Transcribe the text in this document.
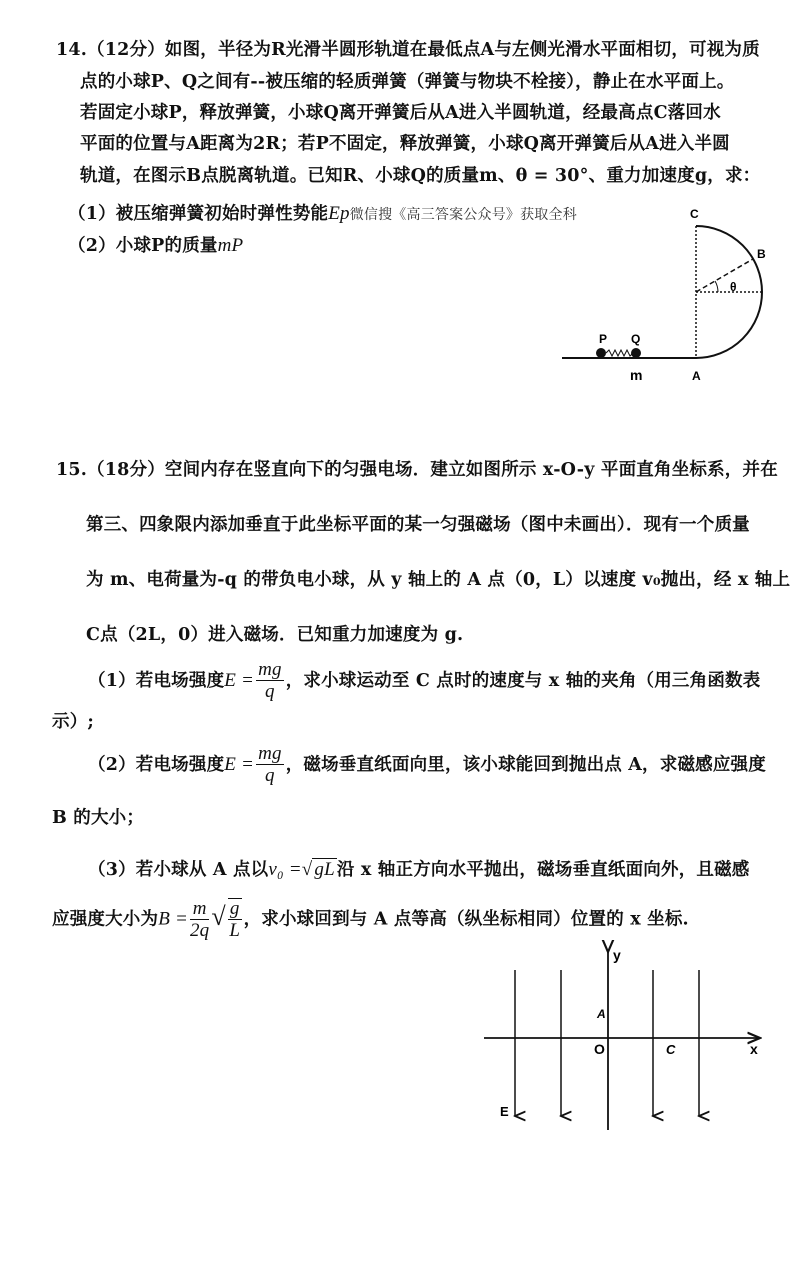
14.（12分）如图，半径为R光滑半圆形轨道在最低点A与左侧光滑水平面相切，可视为质
点的小球P、Q之间有--被压缩的轻质弹簧（弹簧与物块不栓接），静止在水平面上。
若固定小球P，释放弹簧，小球Q离开弹簧后从A进入半圆轨道，经最高点C落回水
平面的位置与A距离为2R；若P不固定，释放弹簧，小球Q离开弹簧后从A进入半圆
轨道，在图示B点脱离轨道。已知R、小球Q的质量m、θ = 30°、重力加速度g，求：
（1）被压缩弹簧初始时弹性势能Ep微信搜《高三答案公众号》获取全科
（2）小球P的质量mP
C
B
θ
P Q
A
m
15.（18分）空间内存在竖直向下的匀强电场．建立如图所示 x-O-y 平面直角坐标系，并在
第三、四象限内添加垂直于此坐标平面的某一匀强磁场（图中未画出）．现有一个质量
为 m、电荷量为-q 的带负电小球，从 y 轴上的 A 点（0，L）以速度 v₀抛出，经 x 轴上
C点（2L，0）进入磁场．已知重力加速度为 g.
（1）若电场强度$E = \frac{mg}{q}$ ，求小球运动至 C 点时的速度与 x 轴的夹角（用三角函数表
示）;
（2）若电场强度$E = \frac{mg}{q}$ ，磁场垂直纸面向里，该小球能回到抛出点 A，求磁感应强度
B 的大小；
（3）若小球从 A 点以v₀ =√ gL 沿 x 轴正方向水平抛出，磁场垂直纸面向外，且磁感
应强度大小为$B = \frac{m}{2q}$ √ $\frac{g}{L}$ ，求小球回到与 A 点等高（纵坐标相同）位置的 x 坐标.
y
x
O
E
A
C
